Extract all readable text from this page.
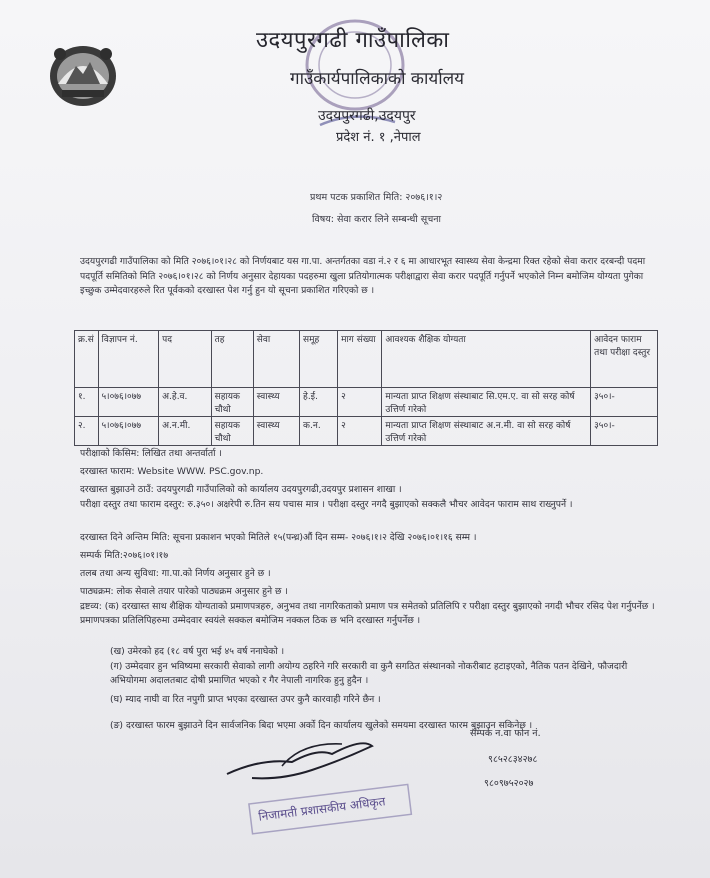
उदयपुरगढी गाउँपालिका
गाउँकार्यपालिकाको कार्यालय
उदयपुरगढी,उदयपुर
प्रदेश नं. १ ,नेपाल
प्रथम पटक प्रकाशित मिति: २०७६।१।२
विषय: सेवा करार लिने सम्बन्धी सूचना
उदयपुरगढी गाउँपालिका को मिति २०७६।०१।२८ को निर्णयबाट यस गा.पा. अन्तर्गतका वडा नं.२ र ६ मा आधारभूत स्वास्थ्य सेवा केन्द्रमा रिक्त रहेको सेवा करार दरबन्दी पदमा पदपूर्ति समितिको मिति २०७६।०१।२८ को निर्णय अनुसार देहायका पदहरुमा खुला प्रतियोगात्मक परीक्षाद्वारा सेवा करार पदपूर्ति गर्नुपर्ने भएकोले निम्न बमोजिम योग्यता पुगेका इच्छुक उम्मेदवारहरुले रित पूर्वकको दरखास्त पेश गर्नु हुन यो सूचना प्रकाशित गरिएको छ ।
क्र.सं	विज्ञापन नं.	पद	तह	सेवा	समूह	माग संख्या	आवश्यक शैक्षिक योग्यता	आवेदन फाराम तथा परीक्षा दस्तुर
१.	५।०७६।०७७	अ.हे.व.	सहायक चौथो	स्वास्थ्य	हे.ई.	२	मान्यता प्राप्त शिक्षण संस्थाबाट सि.एम.ए. वा सो सरह कोर्ष उत्तिर्ण गरेको	३५०।-
२.	५।०७६।०७७	अ.न.मी.	सहायक चौथो	स्वास्थ्य	क.न.	२	मान्यता प्राप्त शिक्षण संस्थाबाट अ.न.मी. वा सो सरह कोर्ष उत्तिर्ण गरेको	३५०।-
परीक्षाको किसिम: लिखित तथा अन्तर्वार्ता ।
दरखास्त फाराम: Website WWW. PSC.gov.np.
दरखास्त बुझाउने ठाउँ: उदयपुरगढी गाउँपालिको को कार्यालय उदयपुरगढी,उदयपुर प्रशासन शाखा ।
परीक्षा दस्तुर तथा फाराम दस्तुर: रु.३५०। अक्षरेपी रु.तिन सय पचास मात्र । परीक्षा दस्तुर नगदै बुझाएको सक्कलै भौचर आवेदन फाराम साथ राख्नुपर्ने ।
दरखास्त दिने अन्तिम मिति: सूचना प्रकाशन भएको मितिले १५(पन्ध्र)औं दिन सम्म- २०७६।१।२ देखि २०७६।०१।१६ सम्म ।
सम्पर्क मिति:२०७६।०१।१७
तलब तथा अन्य सुविधा: गा.पा.को निर्णय अनुसार हुने छ ।
पाठ्यक्रम: लोक सेवाले तयार पारेको पाठ्यक्रम अनुसार हुने छ ।
द्रष्टव्य: (क) दरखास्त साथ शैक्षिक योग्यताको प्रमाणपत्रहरु, अनुभव तथा नागरिकताको प्रमाण पत्र समेतको प्रतिलिपि र परीक्षा दस्तुर बुझाएको नगदी भौचर रसिद पेश गर्नुपर्नेछ । प्रमाणपत्रका प्रतिलिपिहरुमा उम्मेदवार स्वयंले सक्कल बमोजिम नक्कल ठिक छ भनि दरखास्त गर्नुपर्नेछ ।
(ख) उमेरको हद (१८ वर्ष पुरा भई ४५ वर्ष ननाघेको ।
(ग) उम्मेदवार हुन भविष्यमा सरकारी सेवाको लागी अयोग्य ठहरिने गरि सरकारी वा कुनै सगठित संस्थानको नोकरीबाट हटाइएको, नैतिक पतन देखिने, फौजदारी अभियोगमा अदालतबाट दोषी प्रमाणित भएको र गैर नेपाली नागरिक हुनु हुदैन ।
(घ) म्याद नाघी वा रित नपुगी प्राप्त भएका दरखास्त उपर कुनै कारवाही गरिने छैन ।
(ङ) दरखास्त फारम बुझाउने दिन सार्वजनिक बिदा भएमा अर्को दिन कार्यालय खुलेको समयमा दरखास्त फारम बुझाउन सकिनेछ ।
सम्पर्क न.वा फोन नं.
९८५२८३४२७८
९८०९७५२०२७
निजामती प्रशासकीय अधिकृत
